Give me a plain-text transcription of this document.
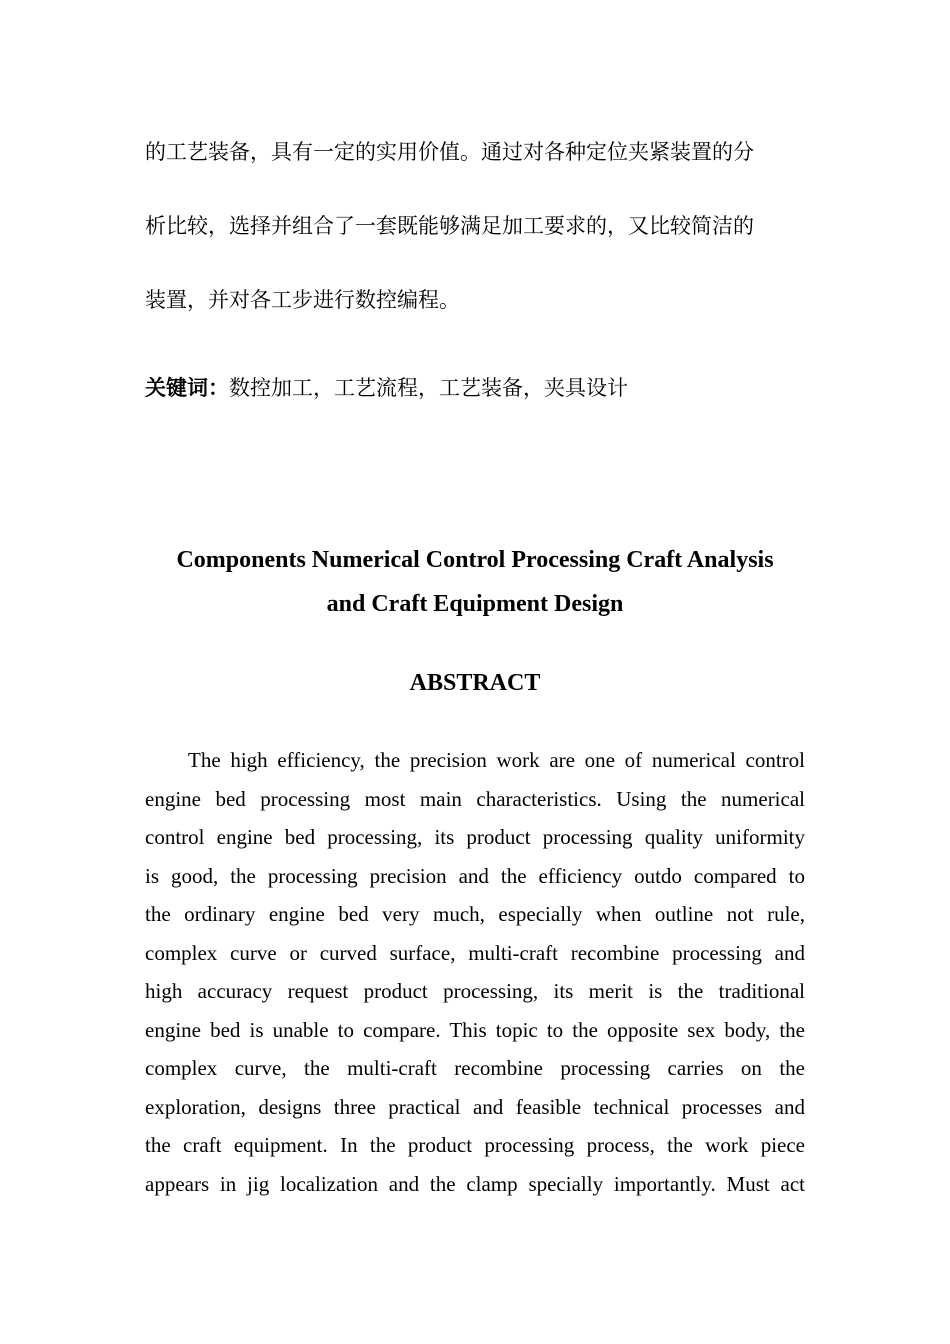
的工艺装备，具有一定的实用价值。通过对各种定位夹紧装置的分
析比较，选择并组合了一套既能够满足加工要求的，又比较简洁的
装置，并对各工步进行数控编程。
关键词：数控加工，工艺流程，工艺装备，夹具设计
Components Numerical Control Processing Craft Analysis
and Craft Equipment Design
ABSTRACT
The high efficiency, the precision work are one of numerical control
engine bed processing most main characteristics. Using the numerical
control engine bed processing, its product processing quality uniformity
is good, the processing precision and the efficiency outdo compared to
the ordinary engine bed very much, especially when outline not rule,
complex curve or curved surface, multi-craft recombine processing and
high accuracy request product processing, its merit is the traditional
engine bed is unable to compare. This topic to the opposite sex body, the
complex curve, the multi-craft recombine processing carries on the
exploration, designs three practical and feasible technical processes and
the craft equipment. In the product processing process, the work piece
appears in jig localization and the clamp specially importantly. Must act
